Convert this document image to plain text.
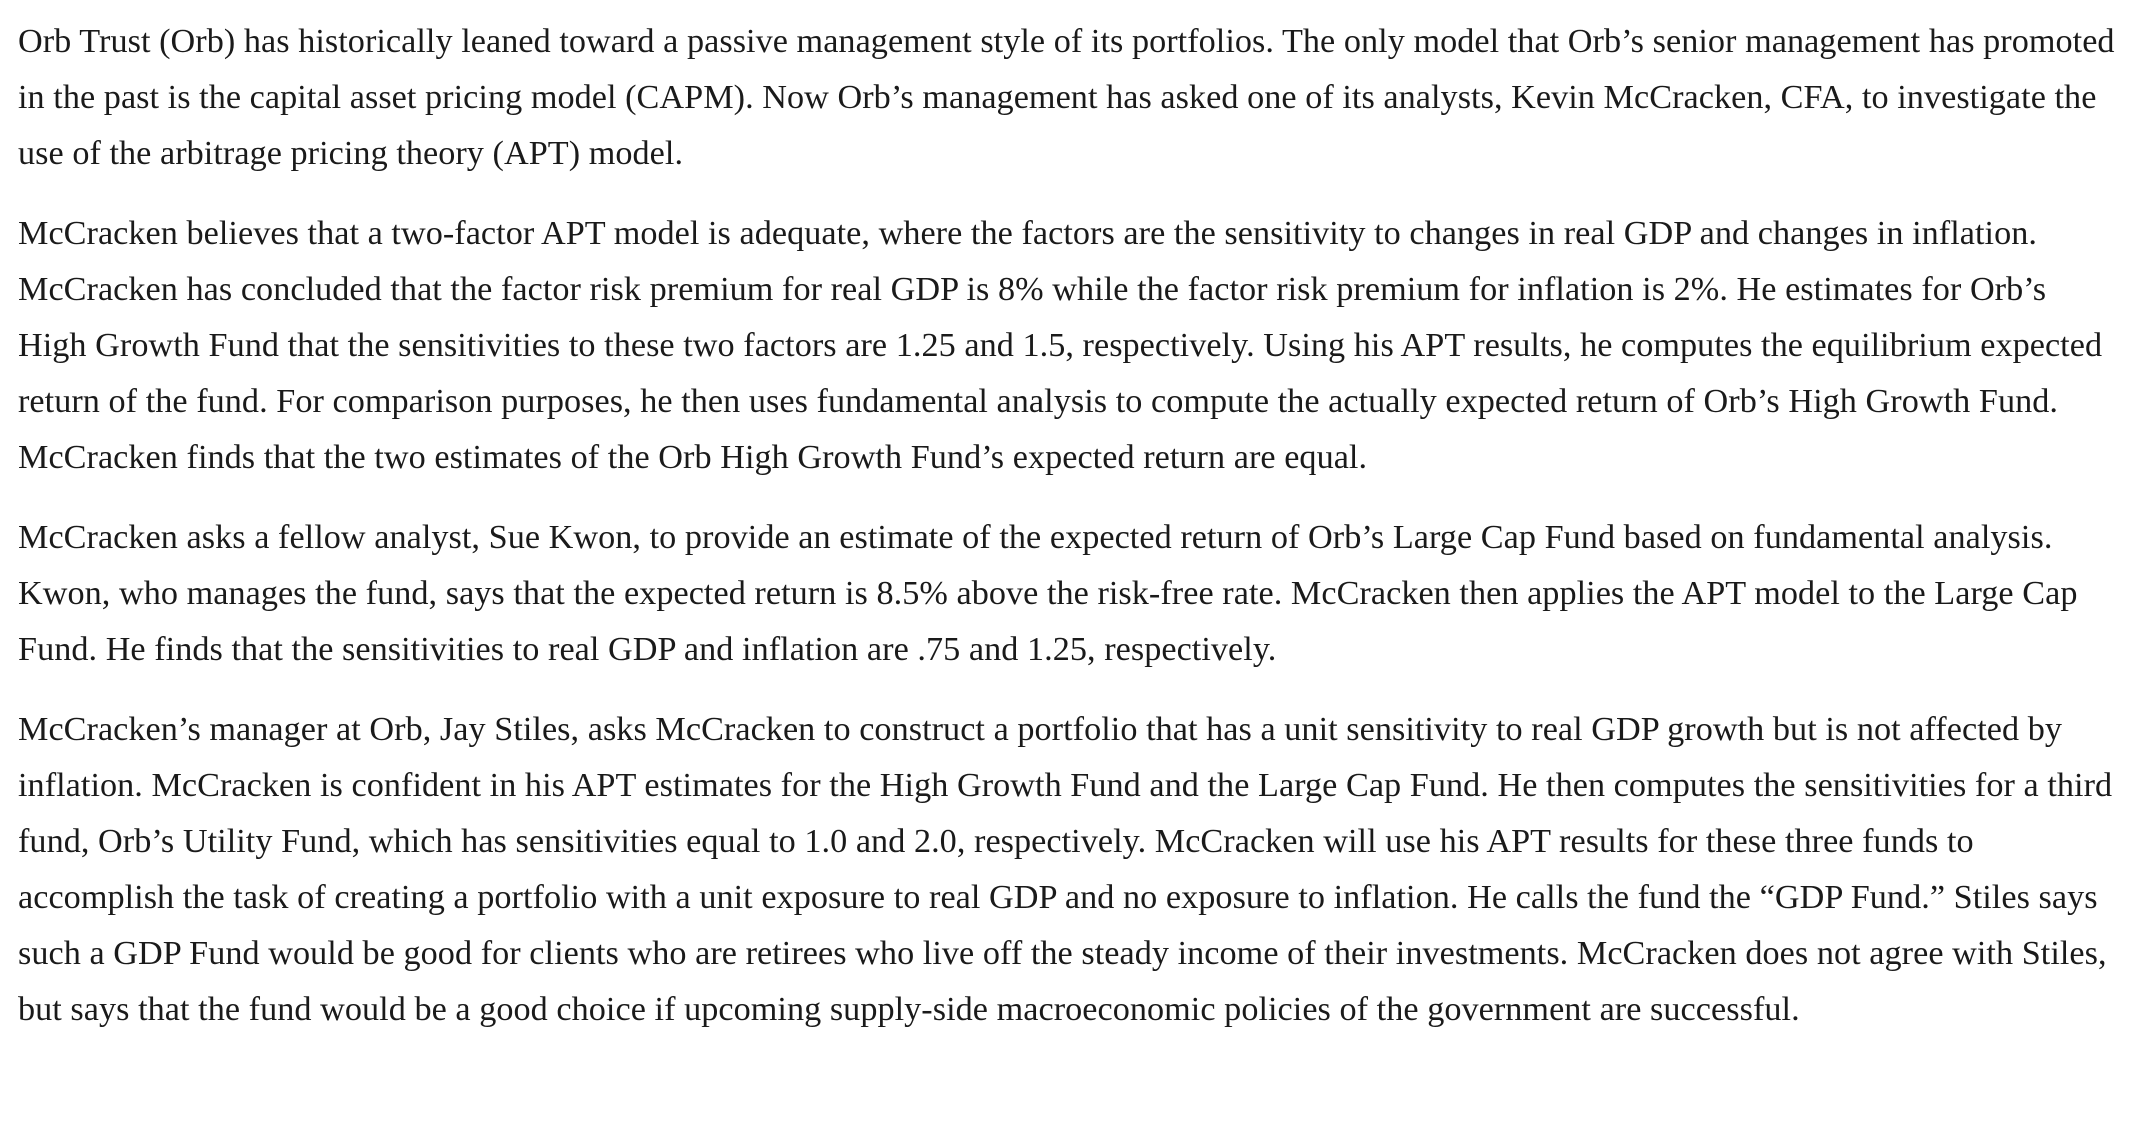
Orb Trust (Orb) has historically leaned toward a passive management style of its portfolios. The only model that Orb’s senior management has promoted in the past is the capital asset pricing model (CAPM). Now Orb’s management has asked one of its analysts, Kevin McCracken, CFA, to investigate the use of the arbitrage pricing theory (APT) model.

McCracken believes that a two-factor APT model is adequate, where the factors are the sensitivity to changes in real GDP and changes in inflation. McCracken has concluded that the factor risk premium for real GDP is 8% while the factor risk premium for inflation is 2%. He estimates for Orb’s High Growth Fund that the sensitivities to these two factors are 1.25 and 1.5, respectively. Using his APT results, he computes the equilibrium expected return of the fund. For comparison purposes, he then uses fundamental analysis to compute the actually expected return of Orb’s High Growth Fund. McCracken finds that the two estimates of the Orb High Growth Fund’s expected return are equal.

McCracken asks a fellow analyst, Sue Kwon, to provide an estimate of the expected return of Orb’s Large Cap Fund based on fundamental analysis. Kwon, who manages the fund, says that the expected return is 8.5% above the risk-free rate. McCracken then applies the APT model to the Large Cap Fund. He finds that the sensitivities to real GDP and inflation are .75 and 1.25, respectively.

McCracken’s manager at Orb, Jay Stiles, asks McCracken to construct a portfolio that has a unit sensitivity to real GDP growth but is not affected by inflation. McCracken is confident in his APT estimates for the High Growth Fund and the Large Cap Fund. He then computes the sensitivities for a third fund, Orb’s Utility Fund, which has sensitivities equal to 1.0 and 2.0, respectively. McCracken will use his APT results for these three funds to accomplish the task of creating a portfolio with a unit exposure to real GDP and no exposure to inflation. He calls the fund the “GDP Fund.” Stiles says such a GDP Fund would be good for clients who are retirees who live off the steady income of their investments. McCracken does not agree with Stiles, but says that the fund would be a good choice if upcoming supply-side macroeconomic policies of the government are successful.
